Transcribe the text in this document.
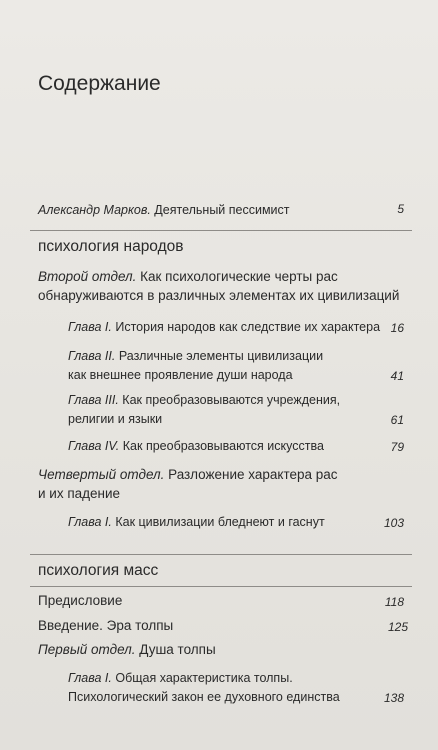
Содержание
Александр Марков. Деятельный пессимист	5
психология народов
Второй отдел. Как психологические черты рас
обнаруживаются в различных элементах их цивилизаций
Глава I. История народов как следствие их характера 16
Глава II. Различные элементы цивилизации
как внешнее проявление души народа	41
Глава III. Как преобразовываются учреждения,
религии и языки	61
Глава IV. Как преобразовываются искусства	79
Четвертый отдел. Разложение характера рас
и их падение
Глава I. Как цивилизации бледнеют и гаснут	103
психология масс
Предисловие	118
Введение. Эра толпы	125
Первый отдел. Душа толпы
Глава I. Общая характеристика толпы.
Психологический закон ее духовного единства	138
